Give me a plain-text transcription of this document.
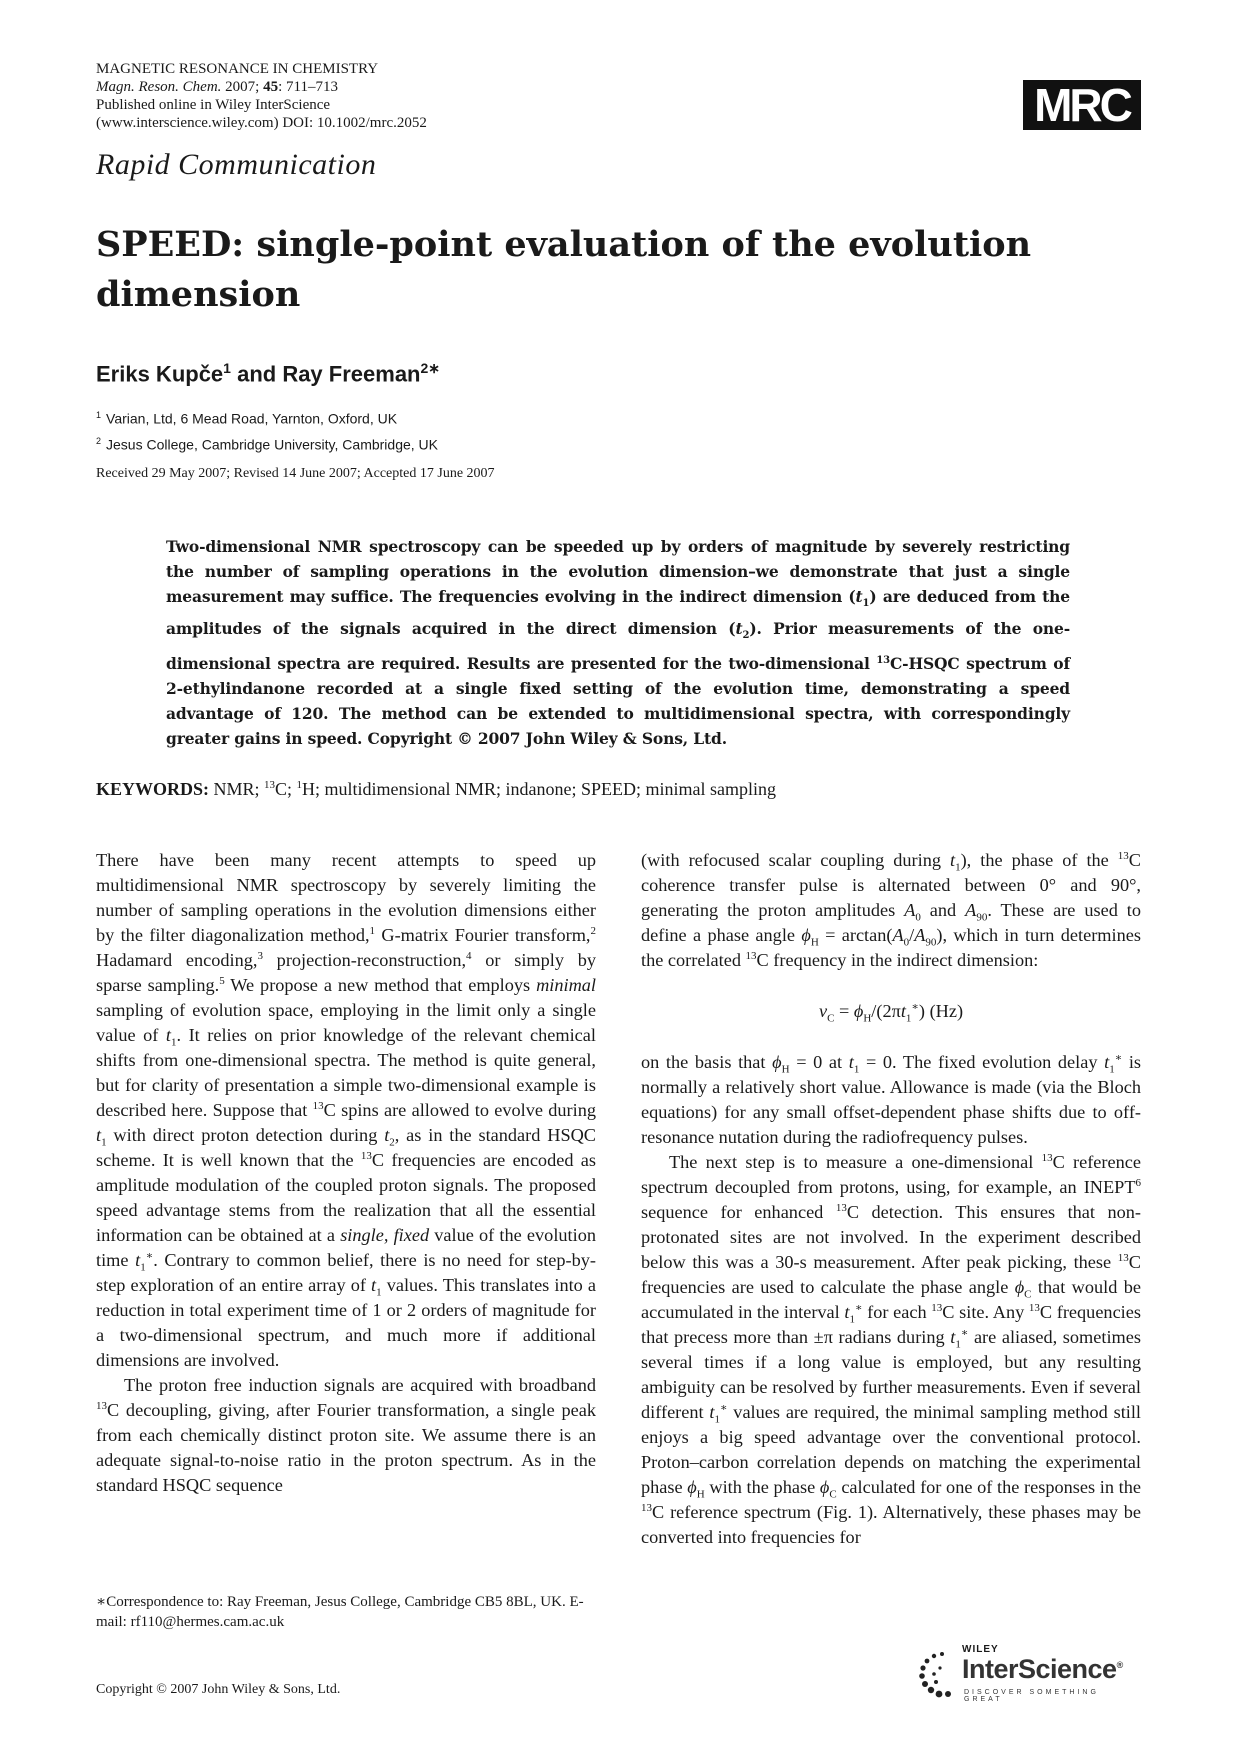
MAGNETIC RESONANCE IN CHEMISTRY
Magn. Reson. Chem. 2007; 45: 711–713
Published online in Wiley InterScience
(www.interscience.wiley.com) DOI: 10.1002/mrc.2052	MRC
Rapid Communication
SPEED: single-point evaluation of the evolution dimension
Eriks Kupče$^1$ and Ray Freeman$^{2∗}$
$^1$ Varian, Ltd, 6 Mead Road, Yarnton, Oxford, UK
$^2$ Jesus College, Cambridge University, Cambridge, UK
Received 29 May 2007; Revised 14 June 2007; Accepted 17 June 2007
Two-dimensional NMR spectroscopy can be speeded up by orders of magnitude by severely restricting the number of sampling operations in the evolution dimension–we demonstrate that just a single measurement may suffice. The frequencies evolving in the indirect dimension $(t_1)$ are deduced from the amplitudes of the signals acquired in the direct dimension $(t_2)$. Prior measurements of the one-dimensional spectra are required. Results are presented for the two-dimensional $^{13}$C-HSQC spectrum of 2-ethylindanone recorded at a single fixed setting of the evolution time, demonstrating a speed advantage of 120. The method can be extended to multidimensional spectra, with correspondingly greater gains in speed. Copyright © 2007 John Wiley & Sons, Ltd.
KEYWORDS: NMR; $^{13}$C; $^1$H; multidimensional NMR; indanone; SPEED; minimal sampling

There have been many recent attempts to speed up multidimensional NMR spectroscopy by severely limiting the number of sampling operations in the evolution dimensions either by the filter diagonalization method,$^1$ G-matrix Fourier transform,$^2$ Hadamard encoding,$^3$ projection-reconstruction,$^4$ or simply by sparse sampling.$^5$ We propose a new method that employs minimal sampling of evolution space, employing in the limit only a single value of $t_1$. It relies on prior knowledge of the relevant chemical shifts from one-dimensional spectra. The method is quite general, but for clarity of presentation a simple two-dimensional example is described here. Suppose that $^{13}$C spins are allowed to evolve during $t_1$ with direct proton detection during $t_2$, as in the standard HSQC scheme. It is well known that the $^{13}$C frequencies are encoded as amplitude modulation of the coupled proton signals. The proposed speed advantage stems from the realization that all the essential information can be obtained at a single, fixed value of the evolution time $t_1^∗$. Contrary to common belief, there is no need for step-by-step exploration of an entire array of $t_1$ values. This translates into a reduction in total experiment time of 1 or 2 orders of magnitude for a two-dimensional spectrum, and much more if additional dimensions are involved.

The proton free induction signals are acquired with broadband $^{13}$C decoupling, giving, after Fourier transformation, a single peak from each chemically distinct proton site. We assume there is an adequate signal-to-noise ratio in the proton spectrum. As in the standard HSQC sequence

(with refocused scalar coupling during $t_1$), the phase of the $^{13}$C coherence transfer pulse is alternated between 0° and 90°, generating the proton amplitudes $A_0$ and $A_{90}$. These are used to define a phase angle $\phi_H = \arctan(A_0/A_{90})$, which in turn determines the correlated $^{13}$C frequency in the indirect dimension:

$\nu_C = \phi_H/(2\pi t_1^∗)$ (Hz)

on the basis that $\phi_H = 0$ at $t_1 = 0$. The fixed evolution delay $t_1^∗$ is normally a relatively short value. Allowance is made (via the Bloch equations) for any small offset-dependent phase shifts due to off-resonance nutation during the radiofrequency pulses.

The next step is to measure a one-dimensional $^{13}$C reference spectrum decoupled from protons, using, for example, an INEPT$^6$ sequence for enhanced $^{13}$C detection. This ensures that non-protonated sites are not involved. In the experiment described below this was a 30-s measurement. After peak picking, these $^{13}$C frequencies are used to calculate the phase angle $\phi_C$ that would be accumulated in the interval $t_1^∗$ for each $^{13}$C site. Any $^{13}$C frequencies that precess more than ±π radians during $t_1^∗$ are aliased, sometimes several times if a long value is employed, but any resulting ambiguity can be resolved by further measurements. Even if several different $t_1^∗$ values are required, the minimal sampling method still enjoys a big speed advantage over the conventional protocol. Proton–carbon correlation depends on matching the experimental phase $\phi_H$ with the phase $\phi_C$ calculated for one of the responses in the $^{13}$C reference spectrum (Fig. 1). Alternatively, these phases may be converted into frequencies for

∗Correspondence to: Ray Freeman, Jesus College, Cambridge CB5 8BL, UK. E-mail: rf110@hermes.cam.ac.uk
Copyright © 2007 John Wiley & Sons, Ltd.
WILEY
InterScience®
DISCOVER SOMETHING GREAT
